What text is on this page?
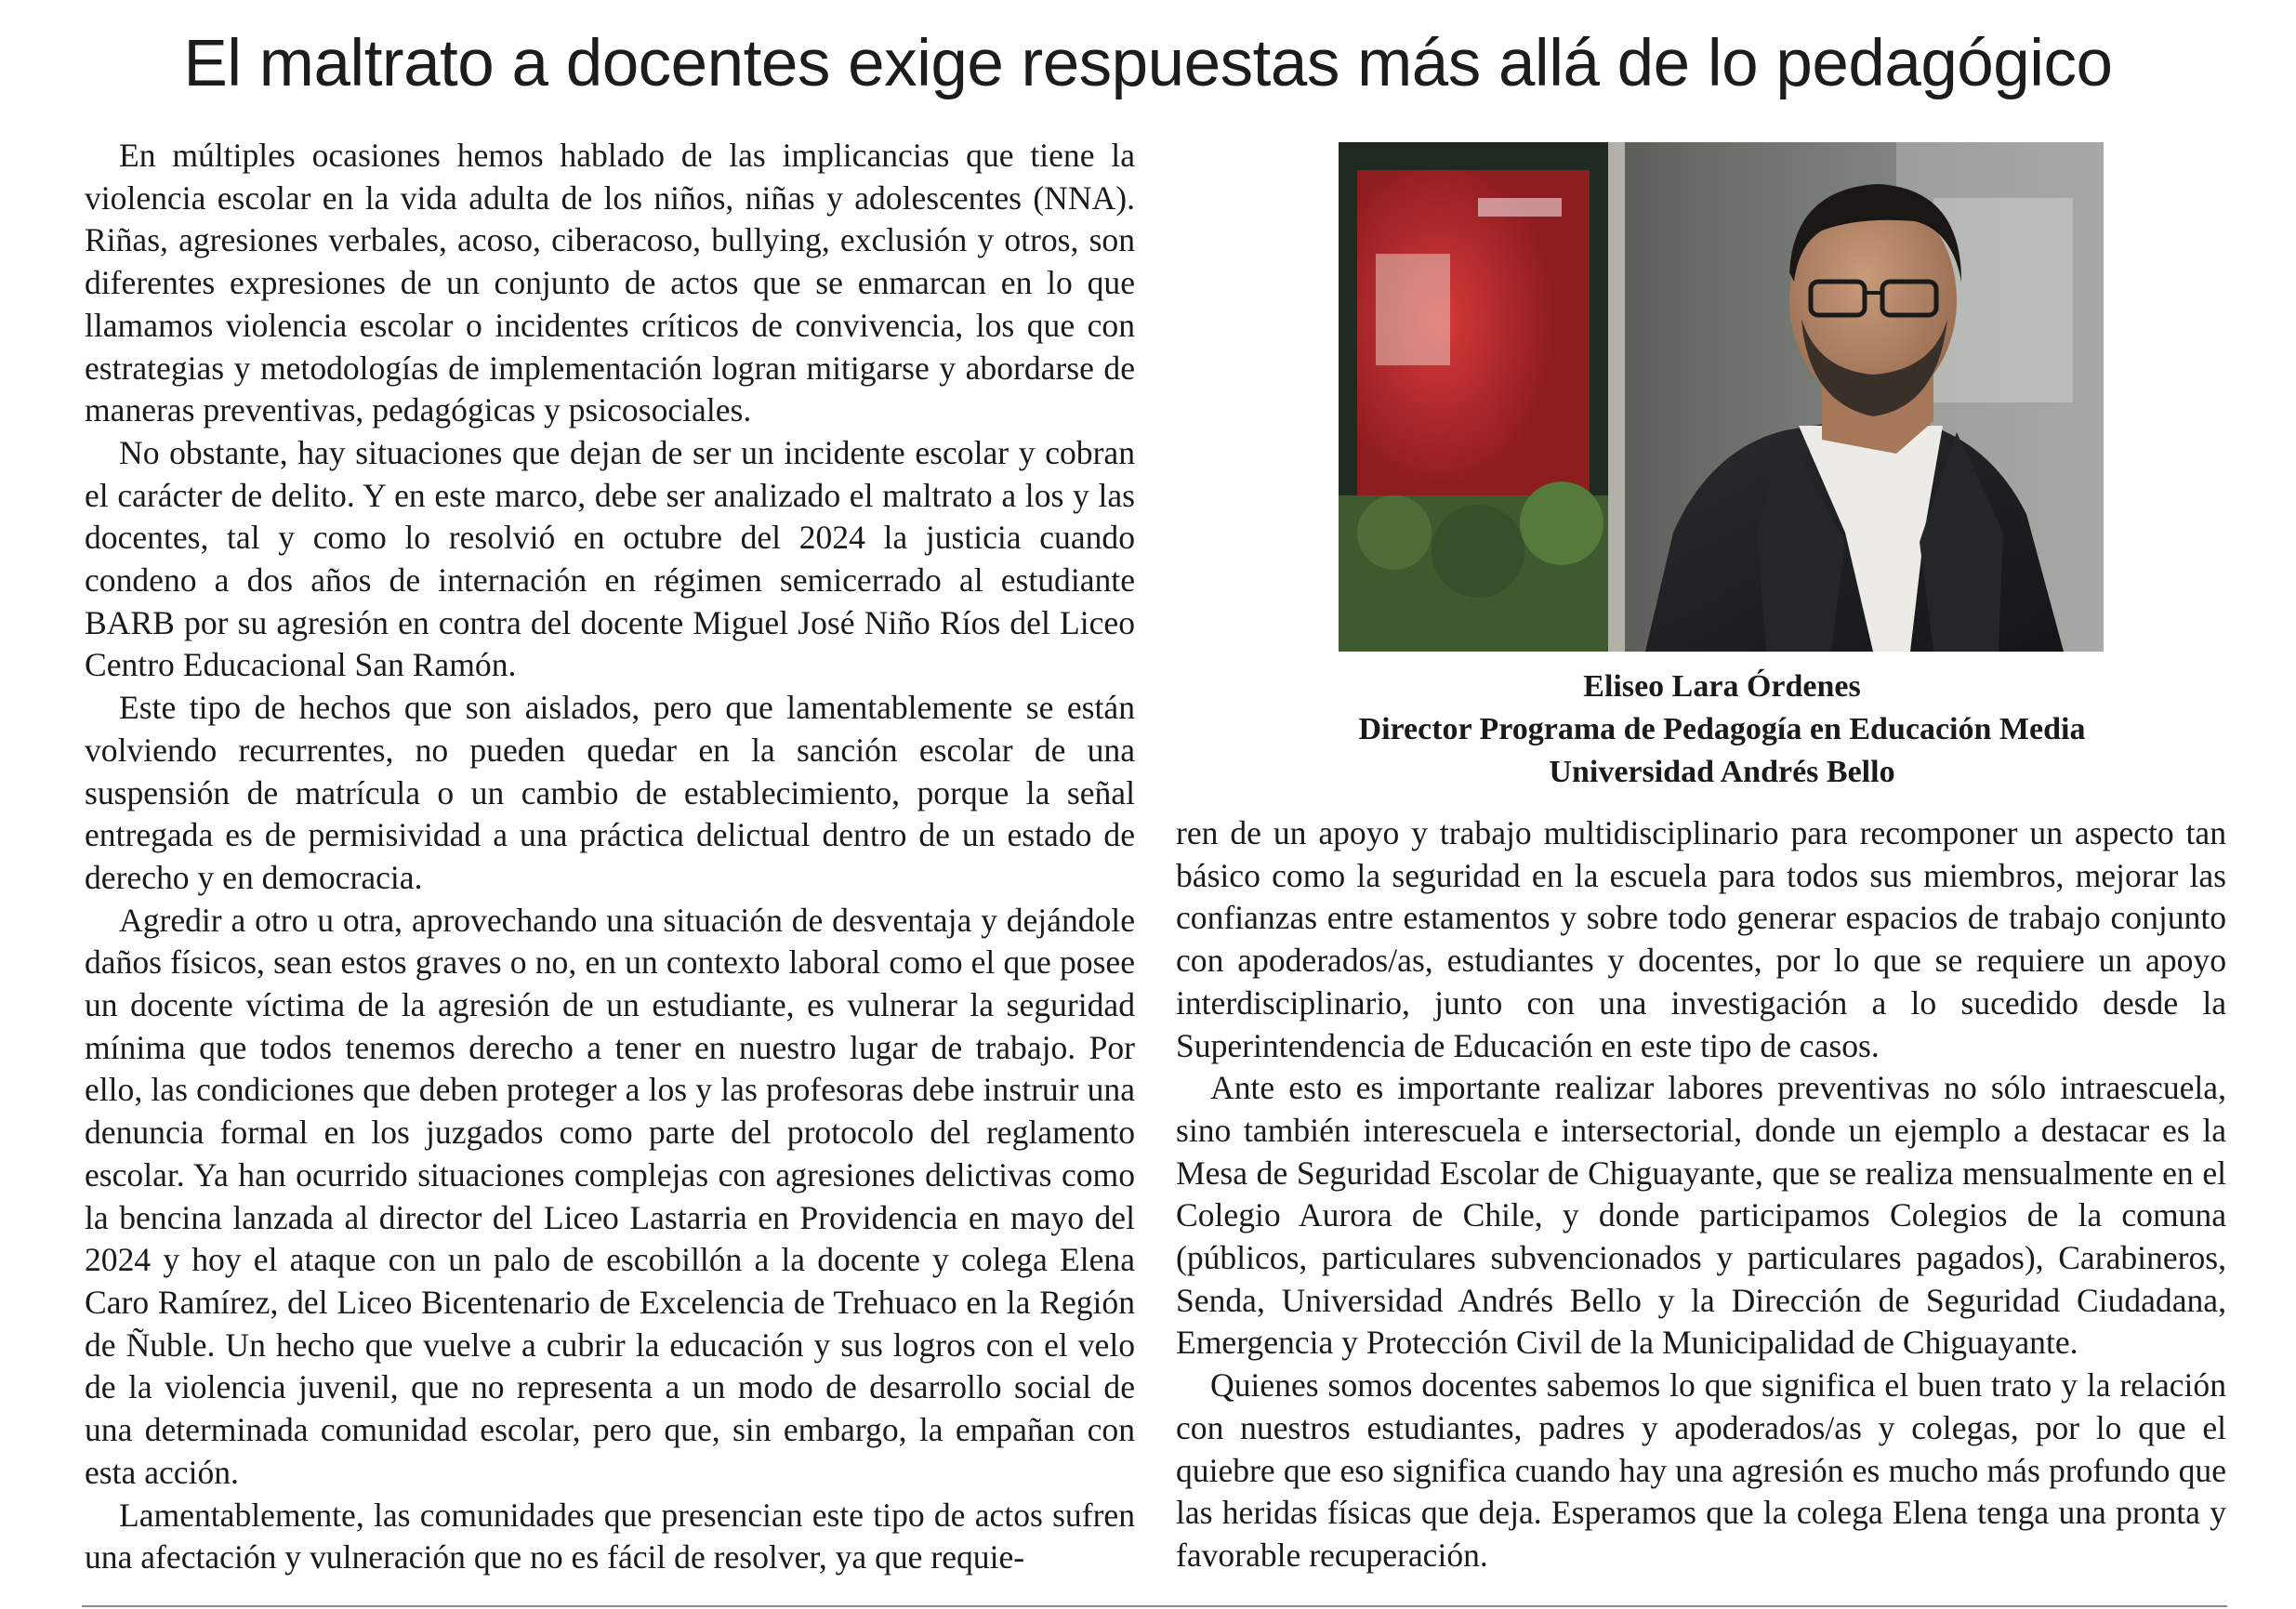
El maltrato a docentes exige respuestas más allá de lo pedagógico

En múltiples ocasiones hemos hablado de las implicancias que tiene la violencia escolar en la vida adulta de los niños, niñas y adolescentes (NNA). Riñas, agresiones verbales, acoso, ciberacoso, bullying, exclusión y otros, son diferentes expresiones de un conjunto de actos que se enmarcan en lo que llamamos violencia escolar o incidentes críticos de convivencia, los que con estrategias y metodologías de implementación logran mitigarse y abordarse de maneras preventivas, pedagógicas y psicosociales.

No obstante, hay situaciones que dejan de ser un incidente escolar y cobran el carácter de delito. Y en este marco, debe ser analizado el maltrato a los y las docentes, tal y como lo resolvió en octubre del 2024 la justicia cuando condeno a dos años de internación en régimen semicerrado al estudiante BARB por su agresión en contra del docente Miguel José Niño Ríos del Liceo Centro Educacional San Ramón.

Este tipo de hechos que son aislados, pero que lamentablemente se están volviendo recurrentes, no pueden quedar en la sanción escolar de una suspensión de matrícula o un cambio de establecimiento, porque la señal entregada es de permisividad a una práctica delictual dentro de un estado de derecho y en democracia.

Agredir a otro u otra, aprovechando una situación de desventaja y dejándole daños físicos, sean estos graves o no, en un contexto laboral como el que posee un docente víctima de la agresión de un estudiante, es vulnerar la seguridad mínima que todos tenemos derecho a tener en nuestro lugar de trabajo. Por ello, las condiciones que deben proteger a los y las profesoras debe instruir una denuncia formal en los juzgados como parte del protocolo del reglamento escolar. Ya han ocurrido situaciones complejas con agresiones delictivas como la bencina lanzada al director del Liceo Lastarria en Providencia en mayo del 2024 y hoy el ataque con un palo de escobillón a la docente y colega Elena Caro Ramírez, del Liceo Bicentenario de Excelencia de Trehuaco en la Región de Ñuble. Un hecho que vuelve a cubrir la educación y sus logros con el velo de la violencia juvenil, que no representa a un modo de desarrollo social de una determinada comunidad escolar, pero que, sin embargo, la empañan con esta acción.

Lamentablemente, las comunidades que presencian este tipo de actos sufren una afectación y vulneración que no es fácil de resolver, ya que requie-

Eliseo Lara Órdenes
Director Programa de Pedagogía en Educación Media
Universidad Andrés Bello

ren de un apoyo y trabajo multidisciplinario para recomponer un aspecto tan básico como la seguridad en la escuela para todos sus miembros, mejorar las confianzas entre estamentos y sobre todo generar espacios de trabajo conjunto con apoderados/as, estudiantes y docentes, por lo que se requiere un apoyo interdisciplinario, junto con una investigación a lo sucedido desde la Superintendencia de Educación en este tipo de casos.

Ante esto es importante realizar labores preventivas no sólo intraescuela, sino también interescuela e intersectorial, donde un ejemplo a destacar es la Mesa de Seguridad Escolar de Chiguayante, que se realiza mensualmente en el Colegio Aurora de Chile, y donde participamos Colegios de la comuna (públicos, particulares subvencionados y particulares pagados), Carabineros, Senda, Universidad Andrés Bello y la Dirección de Seguridad Ciudadana, Emergencia y Protección Civil de la Municipalidad de Chiguayante.

Quienes somos docentes sabemos lo que significa el buen trato y la relación con nuestros estudiantes, padres y apoderados/as y colegas, por lo que el quiebre que eso significa cuando hay una agresión es mucho más profundo que las heridas físicas que deja. Esperamos que la colega Elena tenga una pronta y favorable recuperación.
